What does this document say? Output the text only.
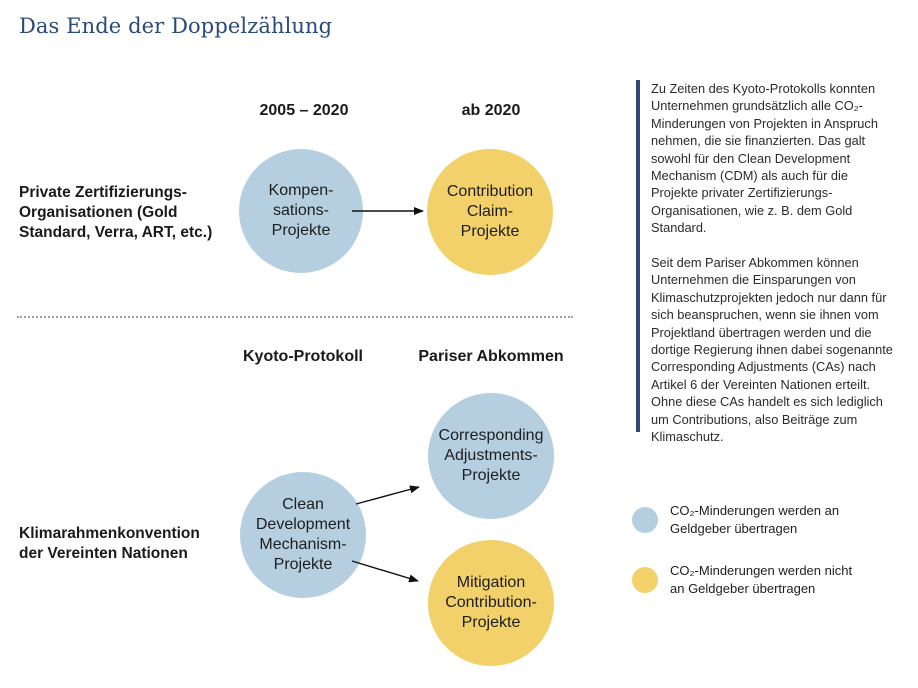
Das Ende der Doppelzählung
2005 – 2020	ab 2020
Private Zertifizierungs-
Organisationen (Gold
Standard, Verra, ART, etc.)
Kompen-
sations-
Projekte
Contribution
Claim-
Projekte
Kyoto-Protokoll	Pariser Abkommen
Klimarahmenkonvention
der Vereinten Nationen
Clean
Development
Mechanism-
Projekte
Corresponding
Adjustments-
Projekte
Mitigation
Contribution-
Projekte

Zu Zeiten des Kyoto-Protokolls konnten Unternehmen grundsätzlich alle CO₂-Minderungen von Projekten in Anspruch nehmen, die sie finanzierten. Das galt sowohl für den Clean Development Mechanism (CDM) als auch für die Projekte privater Zertifizierungs-Organisationen, wie z. B. dem Gold Standard.

Seit dem Pariser Abkommen können Unternehmen die Einsparungen von Klimaschutzprojekten jedoch nur dann für sich beanspruchen, wenn sie ihnen vom Projektland übertragen werden und die dortige Regierung ihnen dabei sogenannte Corresponding Adjustments (CAs) nach Artikel 6 der Vereinten Nationen erteilt. Ohne diese CAs handelt es sich lediglich um Contributions, also Beiträge zum Klimaschutz.

CO₂-Minderungen werden an
Geldgeber übertragen
CO₂-Minderungen werden nicht
an Geldgeber übertragen
